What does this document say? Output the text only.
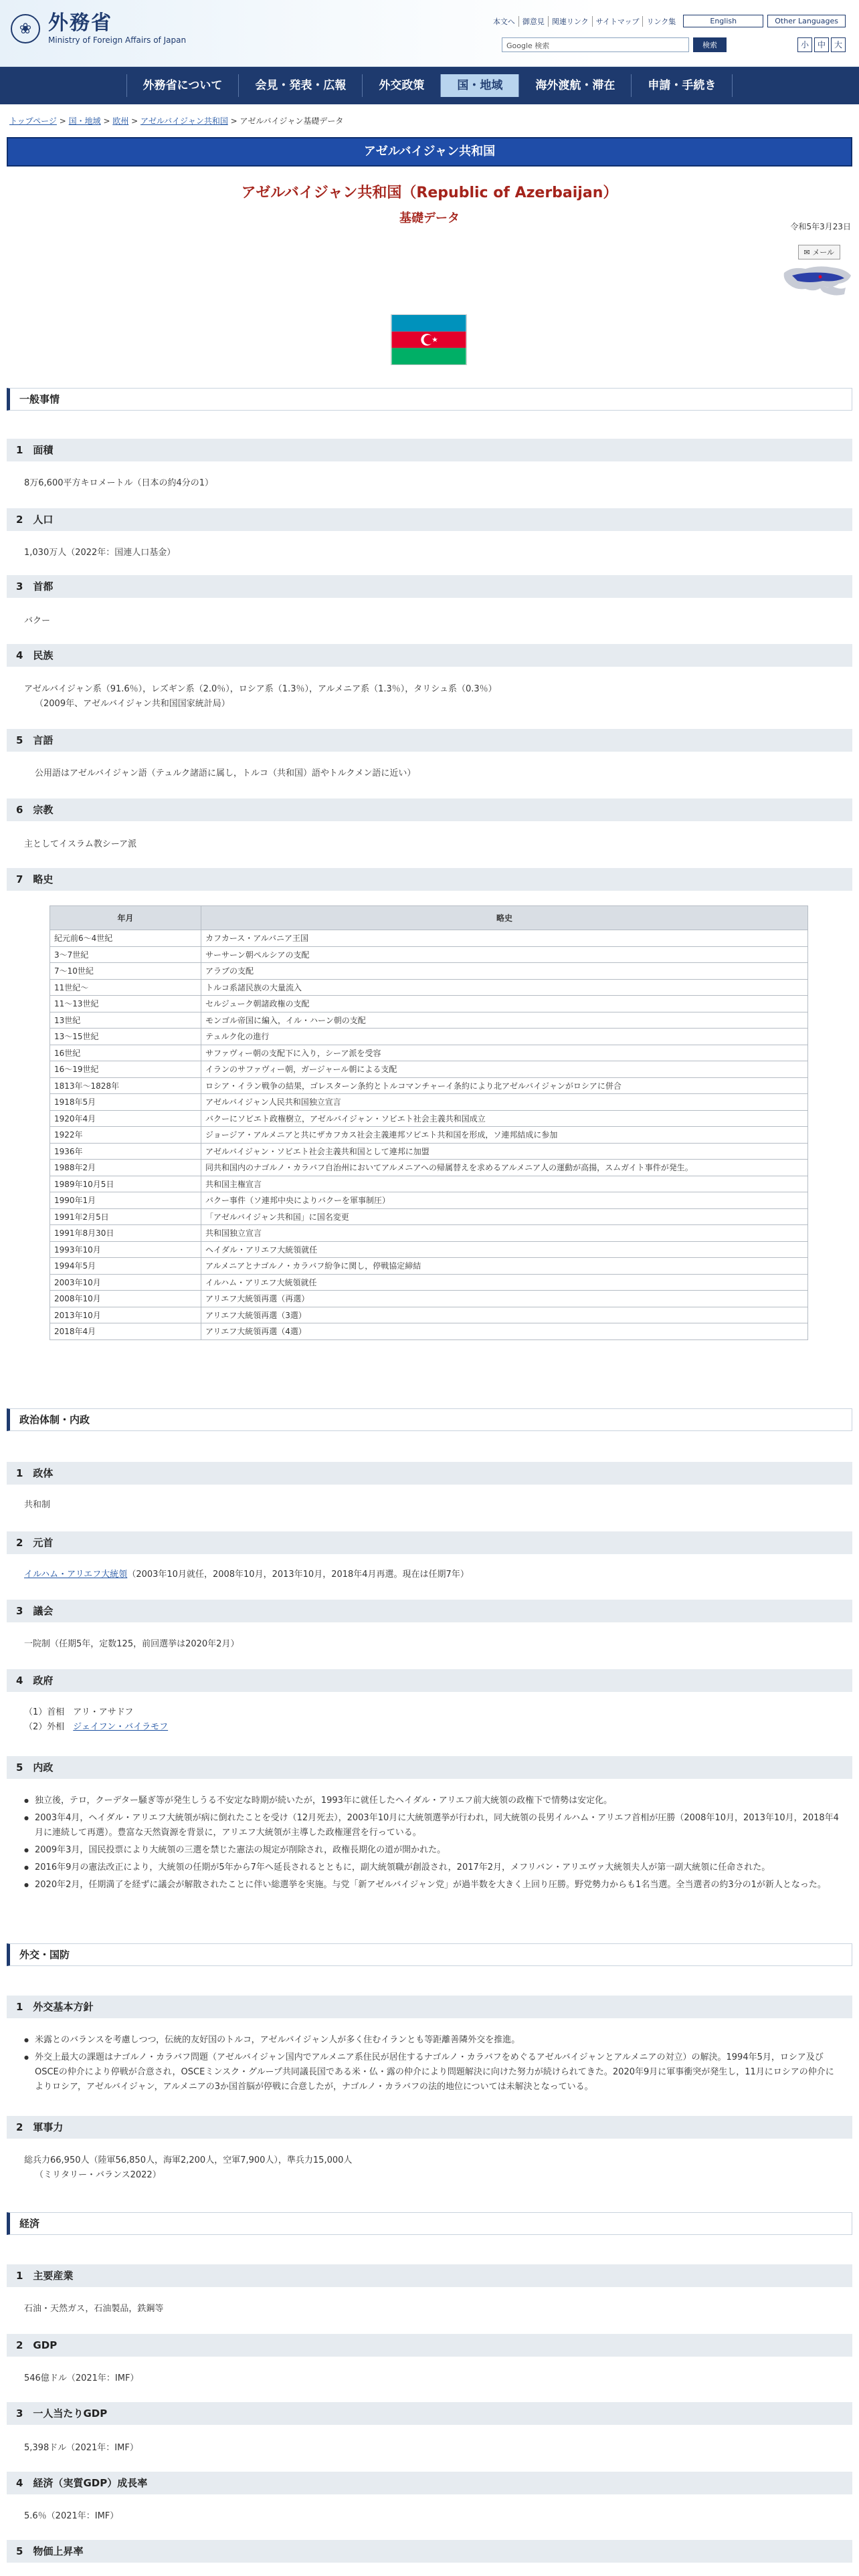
❀ 外務省
Ministry of Foreign Affairs of Japan
本文へ	御意見	関連リンク	サイトマップ	リンク集	English	Other Languages
Google 検索	検索	小	中	大
外務省について	会見・発表・広報	外交政策	国・地域	海外渡航・滞在	申請・手続き
トップページ > 国・地域 > 欧州 > アゼルバイジャン共和国 > アゼルバイジャン基礎データ
アゼルバイジャン共和国
アゼルバイジャン共和国（Republic of Azerbaijan）
基礎データ
令和5年3月23日
✉ メール
一般事情
1　面積
8万6,600平方キロメートル（日本の約4分の1）
2　人口
1,030万人（2022年：国連人口基金）
3　首都
バクー
4　民族
アゼルバイジャン系（91.6％），レズギン系（2.0％），ロシア系（1.3％），アルメニア系（1.3％），タリシュ系（0.3％）
（2009年、アゼルバイジャン共和国国家統計局）
5　言語
公用語はアゼルバイジャン語（テュルク諸語に属し，トルコ（共和国）語やトルクメン語に近い）
6　宗教
主としてイスラム教シーア派
7　略史
年月	略史
紀元前6～4世紀	カフカース・アルバニア王国
3～7世紀	サーサーン朝ペルシアの支配
7～10世紀	アラブの支配
11世紀～	トルコ系諸民族の大量流入
11～13世紀	セルジューク朝諸政権の支配
13世紀	モンゴル帝国に編入，イル・ハーン朝の支配
13～15世紀	テュルク化の進行
16世紀	サファヴィー朝の支配下に入り，シーア派を受容
16～19世紀	イランのサファヴィー朝，ガージャール朝による支配
1813年～1828年	ロシア・イラン戦争の結果，ゴレスターン条約とトルコマンチャーイ条約により北アゼルバイジャンがロシアに併合
1918年5月	アゼルバイジャン人民共和国独立宣言
1920年4月	バクーにソビエト政権樹立，アゼルバイジャン・ソビエト社会主義共和国成立
1922年	ジョージア・アルメニアと共にザカフカス社会主義連邦ソビエト共和国を形成，ソ連邦結成に参加
1936年	アゼルバイジャン・ソビエト社会主義共和国として連邦に加盟
1988年2月	同共和国内のナゴルノ・カラバフ自治州においてアルメニアへの帰属替えを求めるアルメニア人の運動が高揚，スムガイト事件が発生。
1989年10月5日	共和国主権宣言
1990年1月	バクー事件（ソ連邦中央によりバクーを軍事制圧）
1991年2月5日	「アゼルバイジャン共和国」に国名変更
1991年8月30日	共和国独立宣言
1993年10月	ヘイダル・アリエフ大統領就任
1994年5月	アルメニアとナゴルノ・カラバフ紛争に関し，停戦協定締結
2003年10月	イルハム・アリエフ大統領就任
2008年10月	アリエフ大統領再選（再選）
2013年10月	アリエフ大統領再選（3選）
2018年4月	アリエフ大統領再選（4選）
政治体制・内政
1　政体
共和制
2　元首
イルハム・アリエフ大統領（2003年10月就任，2008年10月，2013年10月，2018年4月再選。現在は任期7年）
3　議会
一院制（任期5年，定数125，前回選挙は2020年2月）
4　政府
（1）首相　アリ・アサドフ
（2）外相　ジェイフン・バイラモフ
5　内政
● 独立後，テロ，クーデター騒ぎ等が発生しうる不安定な時期が続いたが，1993年に就任したヘイダル・アリエフ前大統領の政権下で情勢は安定化。
● 2003年4月，ヘイダル・アリエフ大統領が病に倒れたことを受け（12月死去），2003年10月に大統領選挙が行われ，同大統領の長男イルハム・アリエフ首相が圧勝（2008年10月，2013年10月，2018年4月に連続して再選）。豊富な天然資源を背景に，アリエフ大統領が主導した政権運営を行っている。
● 2009年3月，国民投票により大統領の三選を禁じた憲法の規定が削除され，政権長期化の道が開かれた。
● 2016年9月の憲法改正により，大統領の任期が5年から7年へ延長されるとともに，副大統領職が創設され，2017年2月，メフリバン・アリエヴァ大統領夫人が第一副大統領に任命された。
● 2020年2月，任期満了を経ずに議会が解散されたことに伴い総選挙を実施。与党「新アゼルバイジャン党」が過半数を大きく上回り圧勝。野党勢力からも1名当選。全当選者の約3分の1が新人となった。
外交・国防
1　外交基本方針
● 米露とのバランスを考慮しつつ，伝統的友好国のトルコ，アゼルバイジャン人が多く住むイランとも等距離善隣外交を推進。
● 外交上最大の課題はナゴルノ・カラバフ問題（アゼルバイジャン国内でアルメニア系住民が居住するナゴルノ・カラバフをめぐるアゼルバイジャンとアルメニアの対立）の解決。1994年5月，ロシア及びOSCEの仲介により停戦が合意され，OSCEミンスク・グループ共同議長国である米・仏・露の仲介により問題解決に向けた努力が続けられてきた。2020年9月に軍事衝突が発生し，11月にロシアの仲介によりロシア，アゼルバイジャン，アルメニアの3か国首脳が停戦に合意したが，ナゴルノ・カラバフの法的地位については未解決となっている。
2　軍事力
総兵力66,950人（陸軍56,850人，海軍2,200人，空軍7,900人），準兵力15,000人
（ミリタリー・バランス2022）
経済
1　主要産業
石油・天然ガス，石油製品，鉄鋼等
2　GDP
546億ドル（2021年：IMF）
3　一人当たりGDP
5,398ドル（2021年：IMF）
4　経済（実質GDP）成長率
5.6％（2021年：IMF）
5　物価上昇率
